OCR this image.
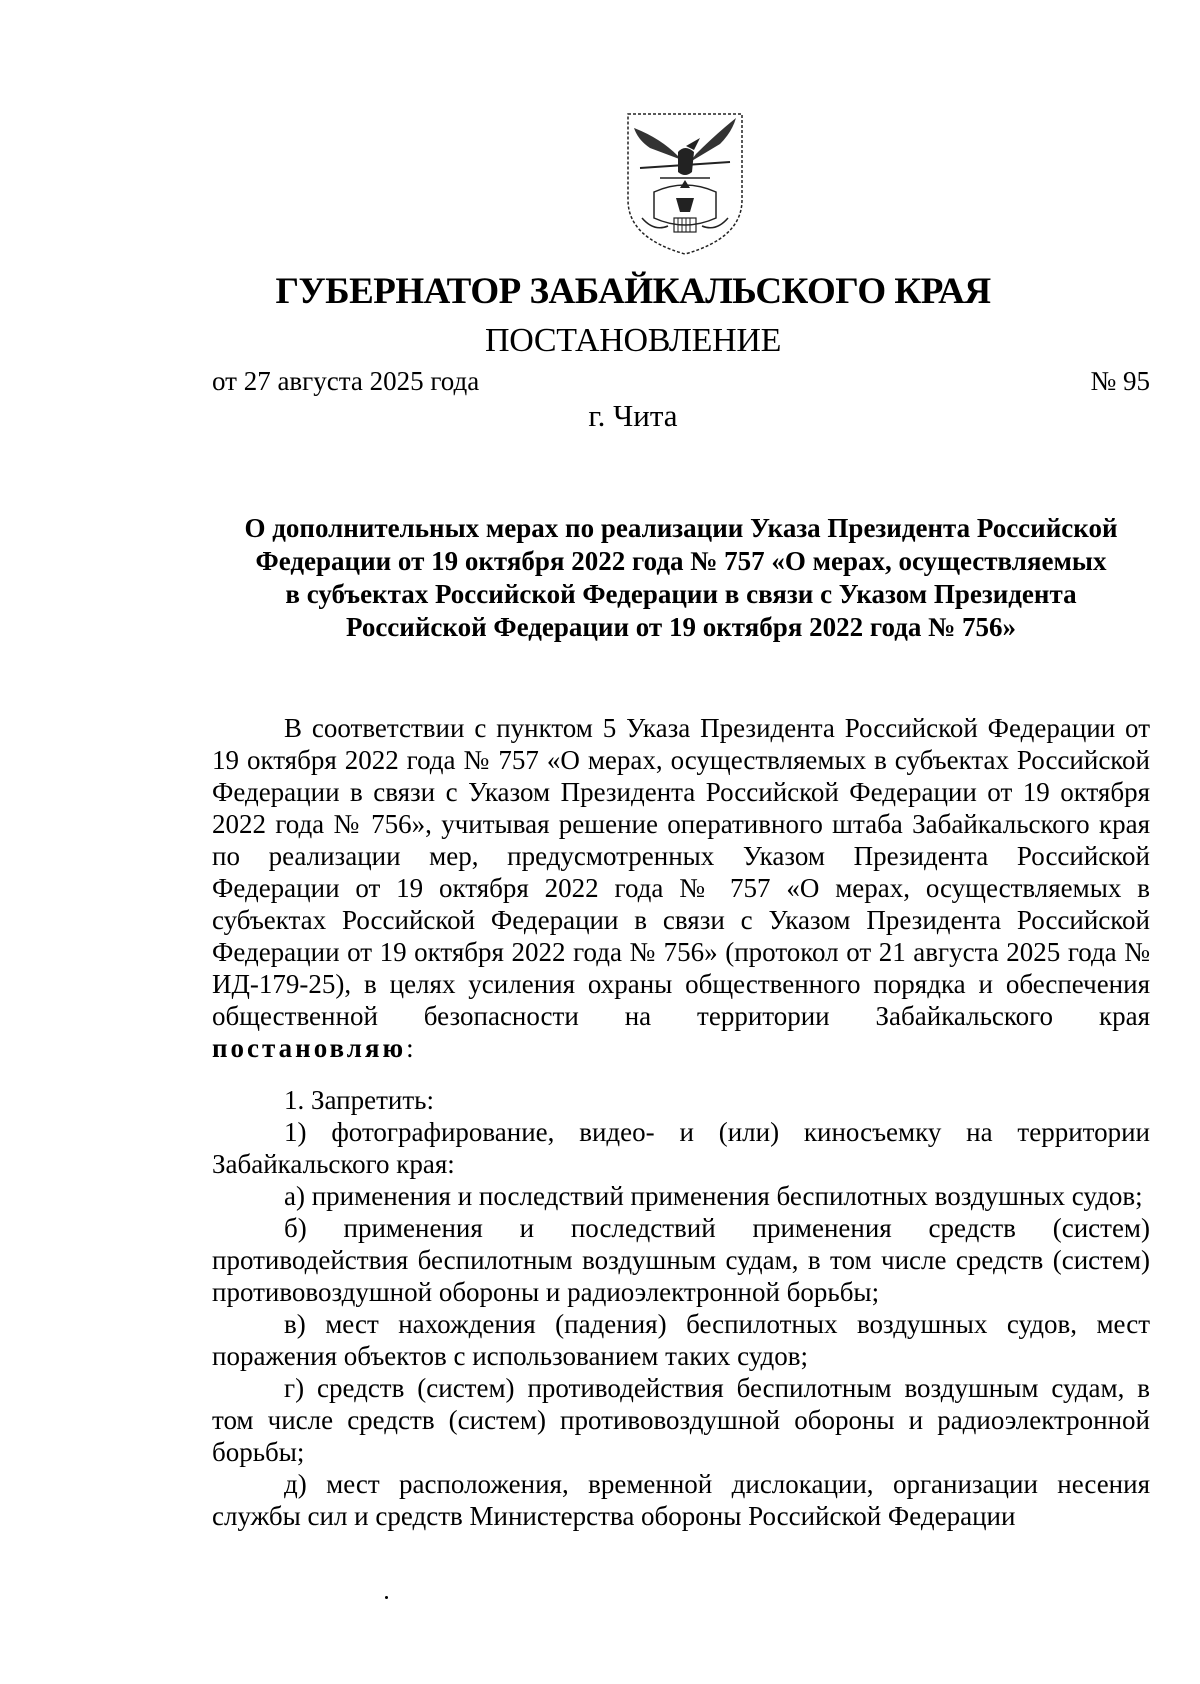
ГУБЕРНАТОР ЗАБАЙКАЛЬСКОГО КРАЯ
ПОСТАНОВЛЕНИЕ
от 27 августа 2025 года	№ 95
г. Чита
О дополнительных мерах по реализации Указа Президента Российской
Федерации от 19 октября 2022 года № 757 «О мерах, осуществляемых
в субъектах Российской Федерации в связи с Указом Президента
Российской Федерации от 19 октября 2022 года № 756»

В соответствии с пунктом 5 Указа Президента Российской Федерации от 19 октября 2022 года № 757 «О мерах, осуществляемых в субъектах Российской Федерации в связи с Указом Президента Российской Федерации от 19 октября 2022 года № 756», учитывая решение оперативного штаба Забайкальского края по реализации мер, предусмотренных Указом Президента Российской Федерации от 19 октября 2022 года № 757 «О мерах, осуществляемых в субъектах Российской Федерации в связи с Указом Президента Российской Федерации от 19 октября 2022 года № 756» (протокол от 21 августа 2025 года № ИД-179-25), в целях усиления охраны общественного порядка и обеспечения общественной безопасности на территории Забайкальского края постановляю:

1. Запретить:

1) фотографирование, видео- и (или) киносъемку на территории Забайкальского края:

а) применения и последствий применения беспилотных воздушных судов;

б) применения и последствий применения средств (систем) противодействия беспилотным воздушным судам, в том числе средств (систем) противовоздушной обороны и радиоэлектронной борьбы;

в) мест нахождения (падения) беспилотных воздушных судов, мест поражения объектов с использованием таких судов;

г) средств (систем) противодействия беспилотным воздушным судам, в том числе средств (систем) противовоздушной обороны и радиоэлектронной борьбы;

д) мест расположения, временной дислокации, организации несения службы сил и средств Министерства обороны Российской Федерации
